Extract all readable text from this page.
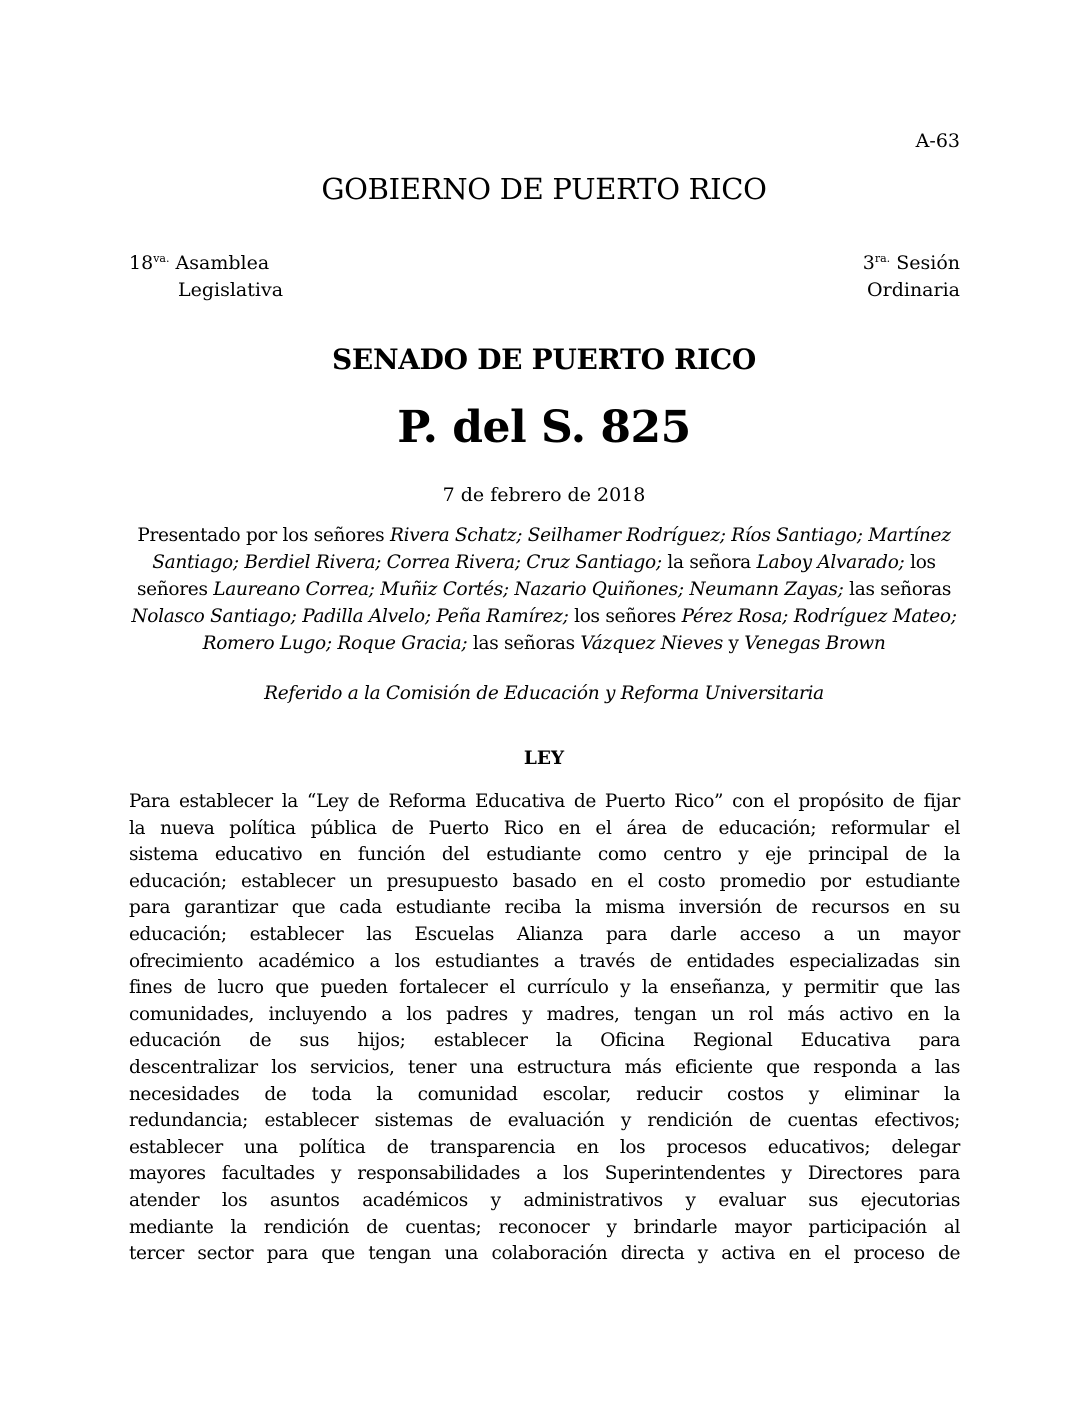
A-63
GOBIERNO DE PUERTO RICO
$18^{va.}$ Asamblea
Legislativa
$3^{ra.}$ Sesión
Ordinaria
SENADO DE PUERTO RICO
P. del S. 825
7 de febrero de 2018
Presentado por los señores Rivera Schatz; Seilhamer Rodríguez; Ríos Santiago; Martínez Santiago; Berdiel Rivera; Correa Rivera; Cruz Santiago; la señora Laboy Alvarado; los señores Laureano Correa; Muñiz Cortés; Nazario Quiñones; Neumann Zayas; las señoras Nolasco Santiago; Padilla Alvelo; Peña Ramírez; los señores Pérez Rosa; Rodríguez Mateo; Romero Lugo; Roque Gracia; las señoras Vázquez Nieves y Venegas Brown
Referido a la Comisión de Educación y Reforma Universitaria
LEY
Para establecer la “Ley de Reforma Educativa de Puerto Rico” con el propósito de fijar
la nueva política pública de Puerto Rico en el área de educación; reformular el
sistema educativo en función del estudiante como centro y eje principal de la
educación; establecer un presupuesto basado en el costo promedio por estudiante
para garantizar que cada estudiante reciba la misma inversión de recursos en su
educación; establecer las Escuelas Alianza para darle acceso a un mayor
ofrecimiento académico a los estudiantes a través de entidades especializadas sin
fines de lucro que pueden fortalecer el currículo y la enseñanza, y permitir que las
comunidades, incluyendo a los padres y madres, tengan un rol más activo en la
educación de sus hijos; establecer la Oficina Regional Educativa para
descentralizar los servicios, tener una estructura más eficiente que responda a las
necesidades de toda la comunidad escolar, reducir costos y eliminar la
redundancia; establecer sistemas de evaluación y rendición de cuentas efectivos;
establecer una política de transparencia en los procesos educativos; delegar
mayores facultades y responsabilidades a los Superintendentes y Directores para
atender los asuntos académicos y administrativos y evaluar sus ejecutorias
mediante la rendición de cuentas; reconocer y brindarle mayor participación al
tercer sector para que tengan una colaboración directa y activa en el proceso de
